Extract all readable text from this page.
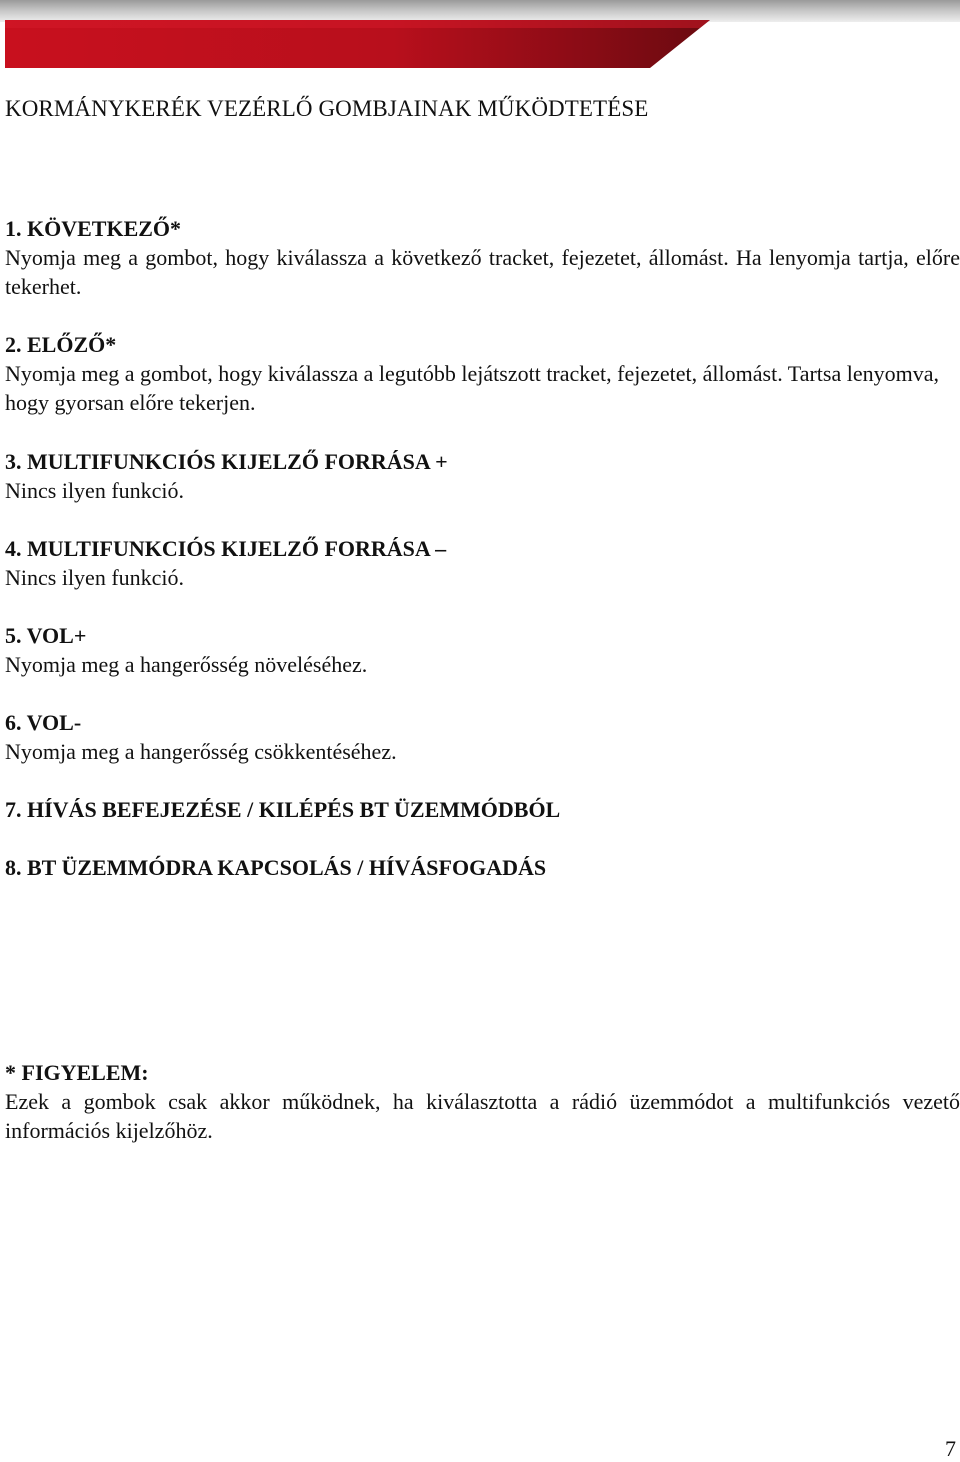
KORMÁNYKERÉK VEZÉRLŐ GOMBJAINAK MŰKÖDTETÉSE
1. KÖVETKEZŐ*

Nyomja meg a gombot, hogy kiválassza a következő tracket, fejezetet, állomást. Ha lenyomja tartja, előre tekerhet.

2. ELŐZŐ*

Nyomja meg a gombot, hogy kiválassza a legutóbb lejátszott tracket, fejezetet, állomást. Tartsa lenyomva, hogy gyorsan előre tekerjen.

3. MULTIFUNKCIÓS KIJELZŐ FORRÁSA +

Nincs ilyen funkció.

4. MULTIFUNKCIÓS KIJELZŐ FORRÁSA –

Nincs ilyen funkció.

5. VOL+

Nyomja meg a hangerősség növeléséhez.

6. VOL-

Nyomja meg a hangerősség csökkentéséhez.

7. HÍVÁS BEFEJEZÉSE / KILÉPÉS BT ÜZEMMÓDBÓL
8. BT ÜZEMMÓDRA KAPCSOLÁS / HÍVÁSFOGADÁS
* FIGYELEM:

Ezek a gombok csak akkor működnek, ha kiválasztotta a rádió üzemmódot a multifunkciós vezető információs kijelzőhöz.

7
